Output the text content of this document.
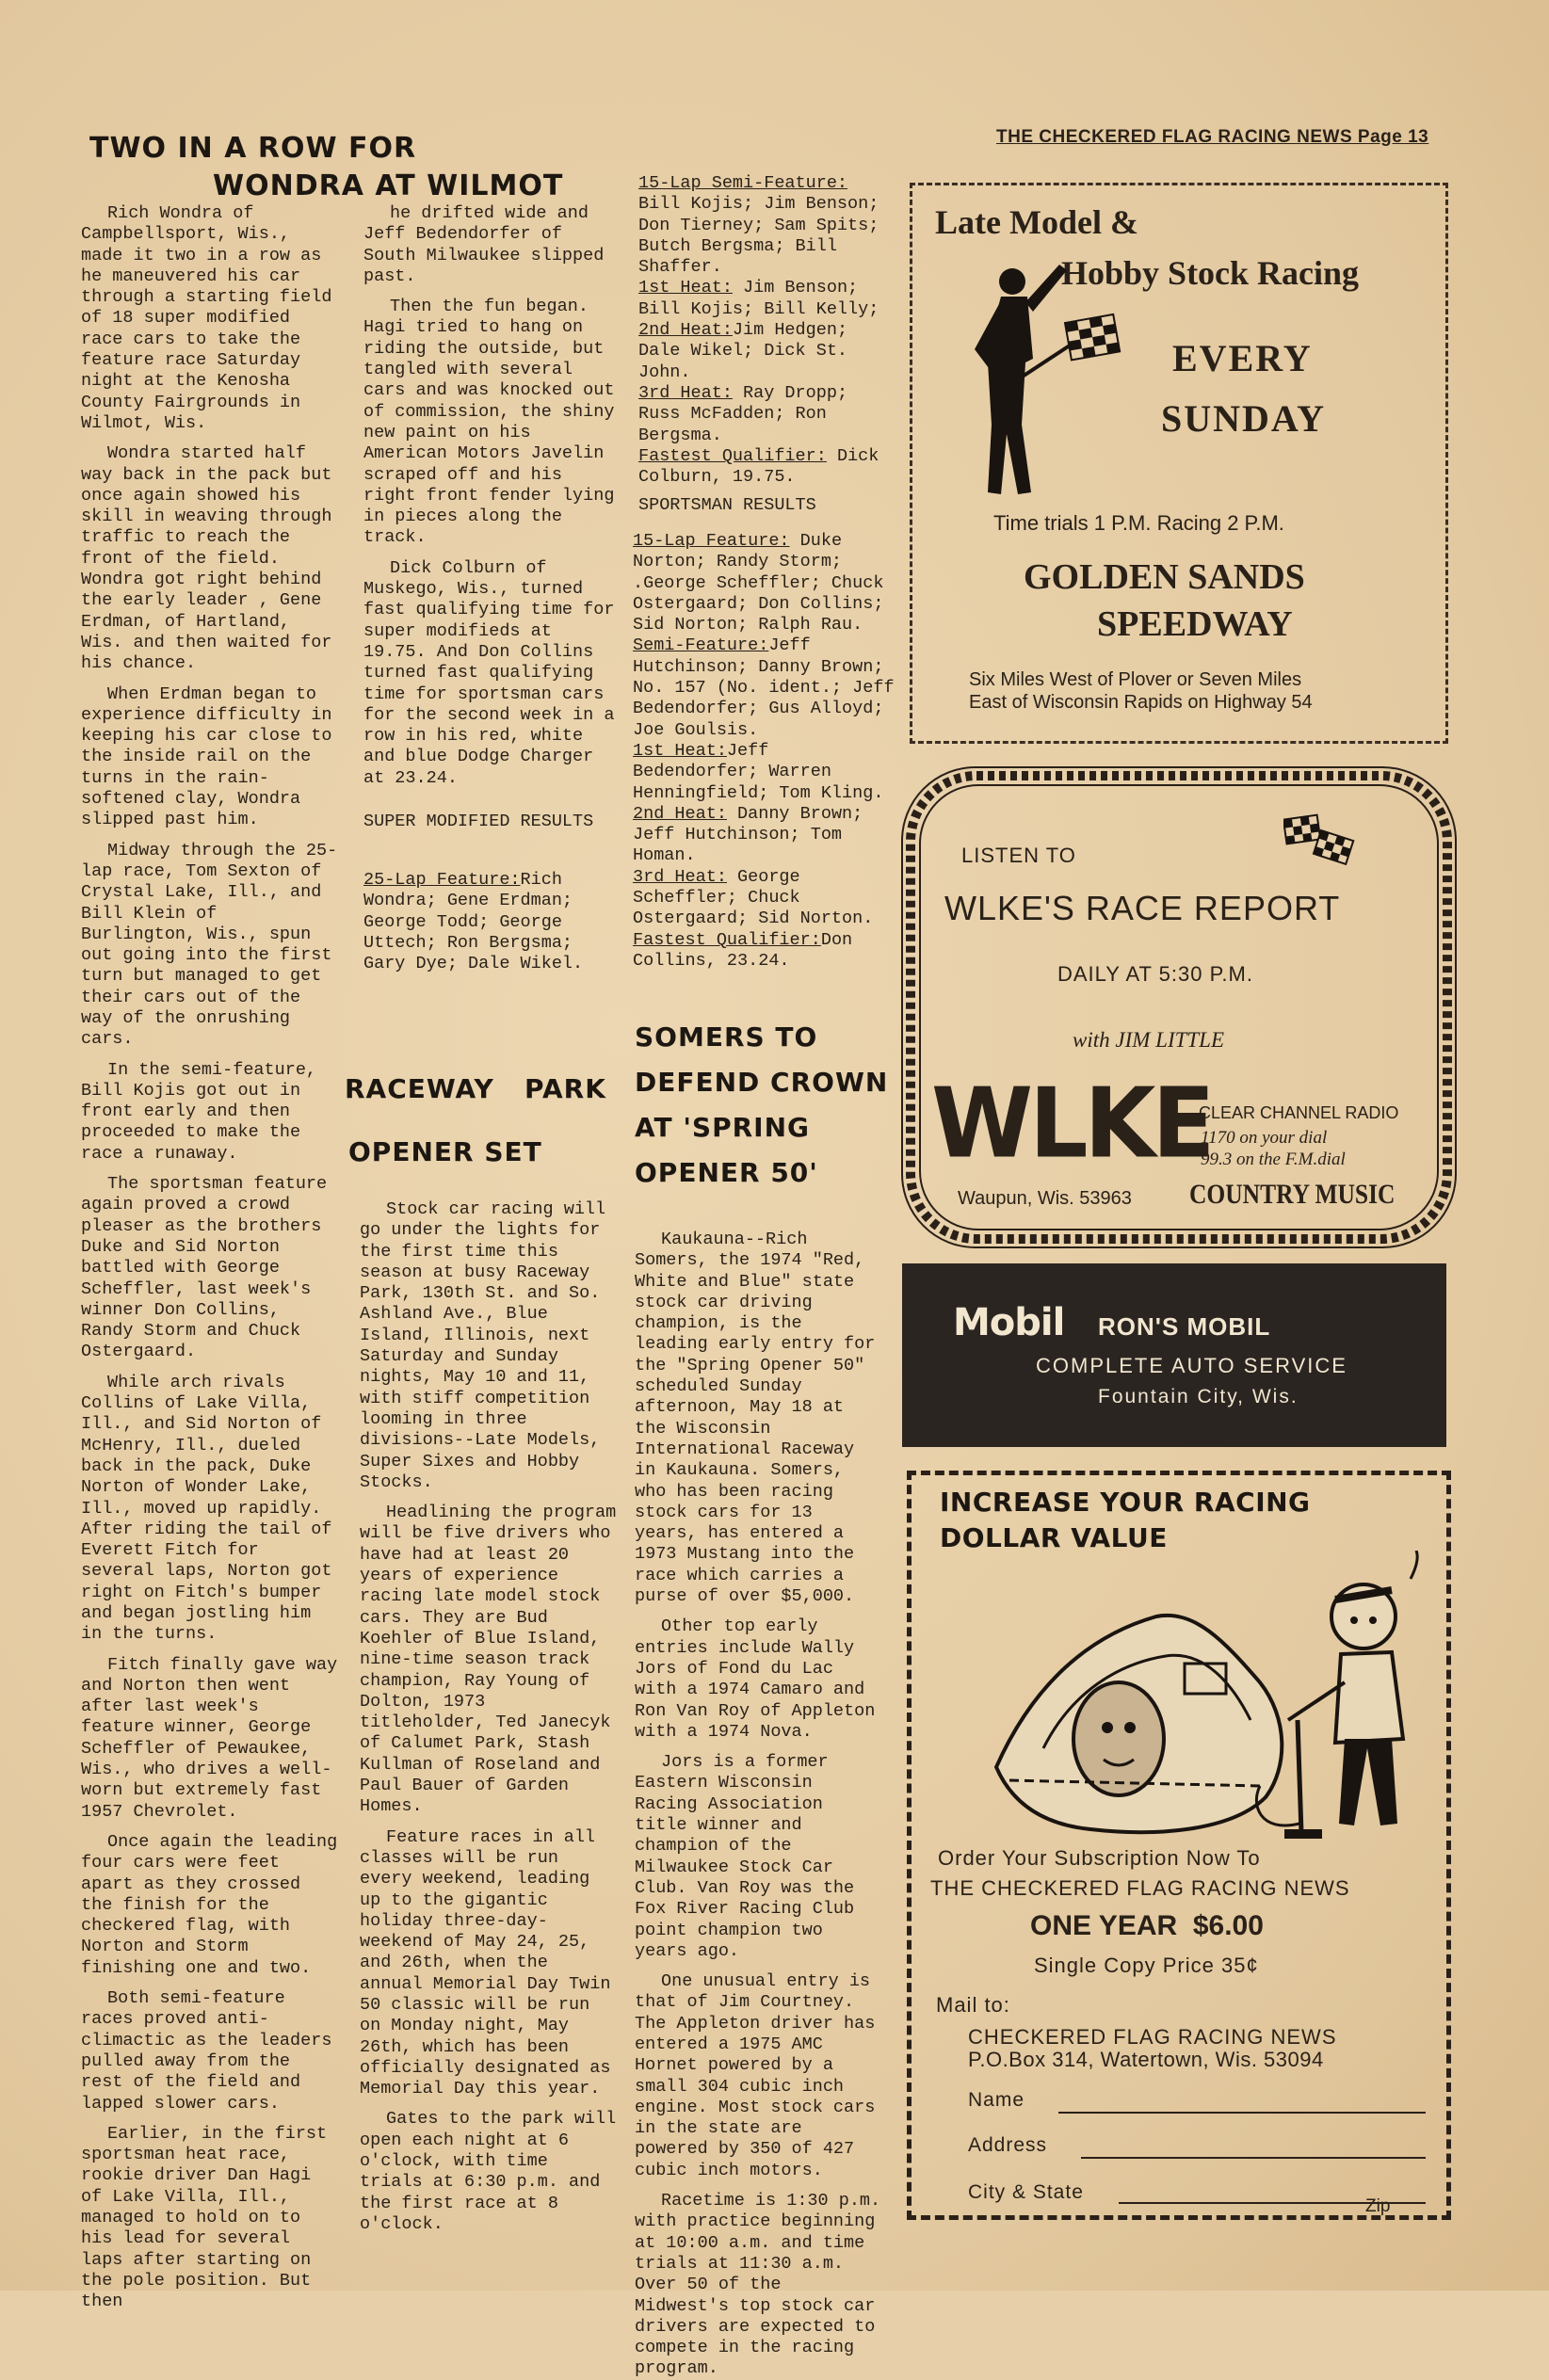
THE CHECKERED FLAG RACING NEWS Page 13
TWO IN A ROW FOR
WONDRA AT WILMOT

Rich Wondra of Campbellsport, Wis., made it two in a row as he maneuvered his car through a starting field of 18 super modified race cars to take the feature race Saturday night at the Kenosha County Fairgrounds in Wilmot, Wis.

Wondra started half way back in the pack but once again showed his skill in weaving through traffic to reach the front of the field. Wondra got right behind the early leader , Gene Erdman, of Hartland, Wis. and then waited for his chance.

When Erdman began to experience difficulty in keeping his car close to the inside rail on the turns in the rain-softened clay, Wondra slipped past him.

Midway through the 25-lap race, Tom Sexton of Crystal Lake, Ill., and Bill Klein of Burlington, Wis., spun out going into the first turn but managed to get their cars out of the way of the onrushing cars.

In the semi-feature, Bill Kojis got out in front early and then proceeded to make the race a runaway.

The sportsman feature again proved a crowd pleaser as the brothers Duke and Sid Norton battled with George Scheffler, last week's winner Don Collins, Randy Storm and Chuck Ostergaard.

While arch rivals Collins of Lake Villa, Ill., and Sid Norton of McHenry, Ill., dueled back in the pack, Duke Norton of Wonder Lake, Ill., moved up rapidly. After riding the tail of Everett Fitch for several laps, Norton got right on Fitch's bumper and began jostling him in the turns.

Fitch finally gave way and Norton then went after last week's feature winner, George Scheffler of Pewaukee, Wis., who drives a well-worn but extremely fast 1957 Chevrolet.

Once again the leading four cars were feet apart as they crossed the finish for the checkered flag, with Norton and Storm finishing one and two.

Both semi-feature races proved anti-climactic as the leaders pulled away from the rest of the field and lapped slower cars.

Earlier, in the first sportsman heat race, rookie driver Dan Hagi of Lake Villa, Ill., managed to hold on to his lead for several laps after starting on the pole position. But then

he drifted wide and Jeff Bedendorfer of South Milwaukee slipped past.

Then the fun began. Hagi tried to hang on riding the outside, but tangled with several cars and was knocked out of commission, the shiny new paint on his American Motors Javelin scraped off and his right front fender lying in pieces along the track.

Dick Colburn of Muskego, Wis., turned fast qualifying time for super modifieds at 19.75. And Don Collins turned fast qualifying time for sportsman cars for the second week in a row in his red, white and blue Dodge Charger at 23.24.

SUPER MODIFIED RESULTS
25-Lap Feature:Rich Wondra; Gene Erdman; George Todd; George Uttech; Ron Bergsma; Gary Dye; Dale Wikel.
15-Lap Semi-Feature: Bill Kojis; Jim Benson; Don Tierney; Sam Spits; Butch Bergsma; Bill Shaffer.
1st Heat: Jim Benson; Bill Kojis; Bill Kelly;
2nd Heat:Jim Hedgen; Dale Wikel; Dick St. John.
3rd Heat: Ray Dropp; Russ McFadden; Ron Bergsma.
Fastest Qualifier: Dick Colburn, 19.75.
SPORTSMAN RESULTS
15-Lap Feature: Duke Norton; Randy Storm; .George Scheffler; Chuck Ostergaard; Don Collins; Sid Norton; Ralph Rau.
Semi-Feature:Jeff Hutchinson; Danny Brown; No. 157 (No. ident.; Jeff Bedendorfer; Gus Alloyd; Joe Goulsis.
1st Heat:Jeff Bedendorfer; Warren Henningfield; Tom Kling.
2nd Heat: Danny Brown; Jeff Hutchinson; Tom Homan.
3rd Heat: George Scheffler; Chuck Ostergaard; Sid Norton.
Fastest Qualifier:Don Collins, 23.24.
RACEWAY   PARK
OPENER SET

Stock car racing will go under the lights for the first time this season at busy Raceway Park, 130th St. and So. Ashland Ave., Blue Island, Illinois, next Saturday and Sunday nights, May 10 and 11, with stiff competition looming in three divisions--Late Models, Super Sixes and Hobby Stocks.

Headlining the program will be five drivers who have had at least 20 years of experience racing late model stock cars. They are Bud Koehler of Blue Island, nine-time season track champion, Ray Young of Dolton, 1973 titleholder, Ted Janecyk of Calumet Park, Stash Kullman of Roseland and Paul Bauer of Garden Homes.

Feature races in all classes will be run every weekend, leading up to the gigantic holiday three-day-weekend of May 24, 25, and 26th, when the annual Memorial Day Twin 50 classic will be run on Monday night, May 26th, which has been officially designated as Memorial Day this year.

Gates to the park will open each night at 6 o'clock, with time trials at 6:30 p.m. and the first race at 8 o'clock.

SOMERS TO
DEFEND CROWN
AT 'SPRING
OPENER 50'

Kaukauna--Rich Somers, the 1974 "Red, White and Blue" state stock car driving champion, is the leading early entry for the "Spring Opener 50" scheduled Sunday afternoon, May 18 at the Wisconsin International Raceway in Kaukauna. Somers, who has been racing stock cars for 13 years, has entered a 1973 Mustang into the race which carries a purse of over $5,000.

Other top early entries include Wally Jors of Fond du Lac with a 1974 Camaro and Ron Van Roy of Appleton with a 1974 Nova.

Jors is a former Eastern Wisconsin Racing Association title winner and champion of the Milwaukee Stock Car Club. Van Roy was the Fox River Racing Club point champion two years ago.

One unusual entry is that of Jim Courtney. The Appleton driver has entered a 1975 AMC Hornet powered by a small 304 cubic inch engine. Most stock cars in the state are powered by 350 of 427 cubic inch motors.

Racetime is 1:30 p.m. with practice beginning at 10:00 a.m. and time trials at 11:30 a.m. Over 50 of the Midwest's top stock car drivers are expected to compete in the racing program.

Late Model &
Hobby Stock Racing
EVERY
SUNDAY
Time trials 1 P.M. Racing 2 P.M.
GOLDEN SANDS
SPEEDWAY
Six Miles West of Plover or Seven Miles
East of Wisconsin Rapids on Highway 54
LISTEN TO
WLKE'S RACE REPORT
DAILY AT 5:30 P.M.
with JIM LITTLE
WLKE
CLEAR CHANNEL RADIO
1170 on your dial
99.3 on the F.M.dial
Waupun, Wis. 53963 COUNTRY MUSIC
Mobil RON'S MOBIL
COMPLETE AUTO SERVICE
Fountain City, Wis.
INCREASE YOUR RACING
DOLLAR VALUE
Order Your Subscription Now To
THE CHECKERED FLAG RACING NEWS
ONE YEAR  $6.00
Single Copy Price 35¢
Mail to:
CHECKERED FLAG RACING NEWS
P.O.Box 314, Watertown, Wis. 53094
Name
Address
City & State
Zip
